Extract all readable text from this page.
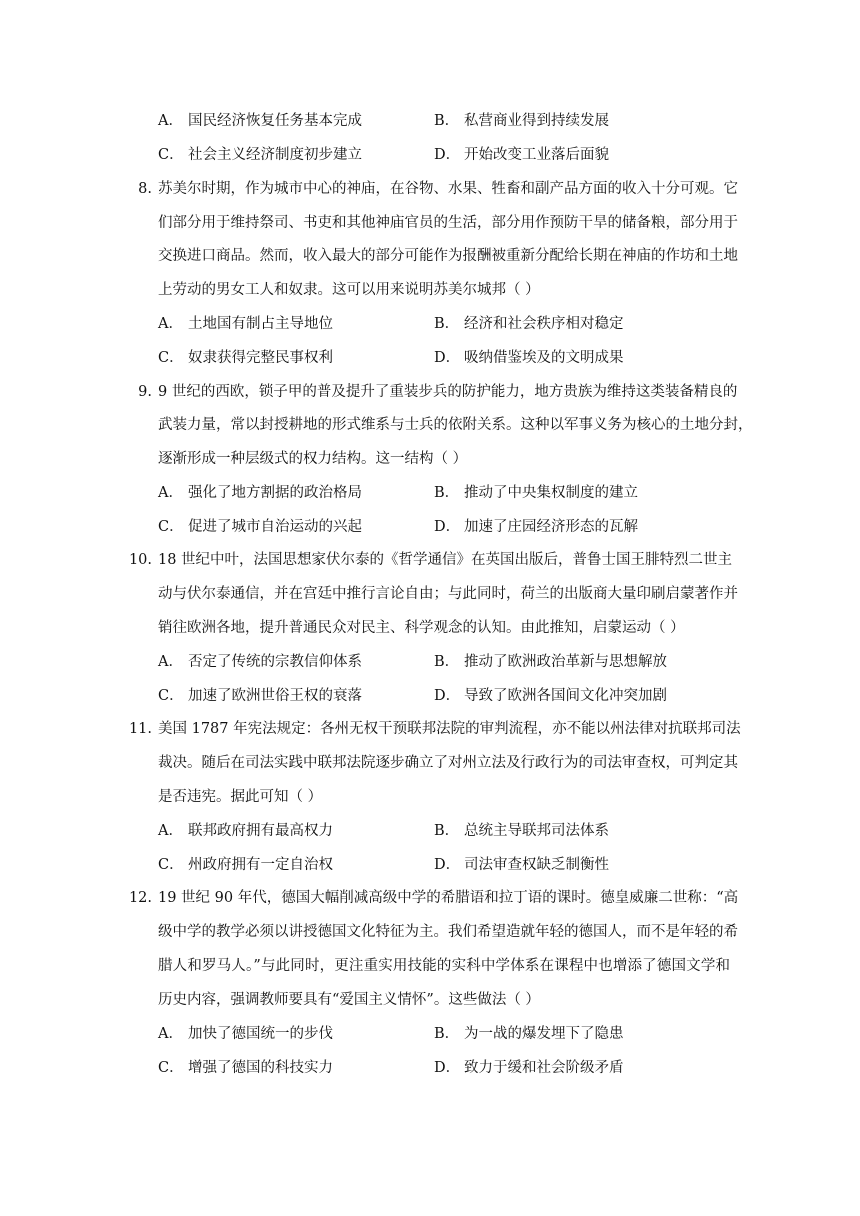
A． 国民经济恢复任务基本完成	B． 私营商业得到持续发展
C． 社会主义经济制度初步建立	D． 开始改变工业落后面貌
8. 苏美尔时期，作为城市中心的神庙，在谷物、水果、牲畜和副产品方面的收入十分可观。它
们部分用于维持祭司、书吏和其他神庙官员的生活，部分用作预防干旱的储备粮，部分用于
交换进口商品。然而，收入最大的部分可能作为报酬被重新分配给长期在神庙的作坊和土地
上劳动的男女工人和奴隶。这可以用来说明苏美尔城邦（ ）
A． 土地国有制占主导地位	B． 经济和社会秩序相对稳定
C． 奴隶获得完整民事权利	D． 吸纳借鉴埃及的文明成果
9. 9 世纪的西欧，锁子甲的普及提升了重装步兵的防护能力，地方贵族为维持这类装备精良的
武装力量，常以封授耕地的形式维系与士兵的依附关系。这种以军事义务为核心的土地分封，
逐渐形成一种层级式的权力结构。这一结构（ ）
A． 强化了地方割据的政治格局	B． 推动了中央集权制度的建立
C． 促进了城市自治运动的兴起	D． 加速了庄园经济形态的瓦解
10. 18 世纪中叶，法国思想家伏尔泰的《哲学通信》在英国出版后，普鲁士国王腓特烈二世主
动与伏尔泰通信，并在宫廷中推行言论自由；与此同时，荷兰的出版商大量印刷启蒙著作并
销往欧洲各地，提升普通民众对民主、科学观念的认知。由此推知，启蒙运动（ ）
A． 否定了传统的宗教信仰体系	B． 推动了欧洲政治革新与思想解放
C． 加速了欧洲世俗王权的衰落	D． 导致了欧洲各国间文化冲突加剧
11. 美国 1787 年宪法规定：各州无权干预联邦法院的审判流程，亦不能以州法律对抗联邦司法
裁决。随后在司法实践中联邦法院逐步确立了对州立法及行政行为的司法审查权，可判定其
是否违宪。据此可知（ ）
A． 联邦政府拥有最高权力	B． 总统主导联邦司法体系
C． 州政府拥有一定自治权	D． 司法审查权缺乏制衡性
12. 19 世纪 90 年代，德国大幅削减高级中学的希腊语和拉丁语的课时。德皇威廉二世称：“高
级中学的教学必须以讲授德国文化特征为主。我们希望造就年轻的德国人，而不是年轻的希
腊人和罗马人。”与此同时，更注重实用技能的实科中学体系在课程中也增添了德国文学和
历史内容，强调教师要具有“爱国主义情怀”。这些做法（ ）
A． 加快了德国统一的步伐	B． 为一战的爆发埋下了隐患
C． 增强了德国的科技实力	D． 致力于缓和社会阶级矛盾
